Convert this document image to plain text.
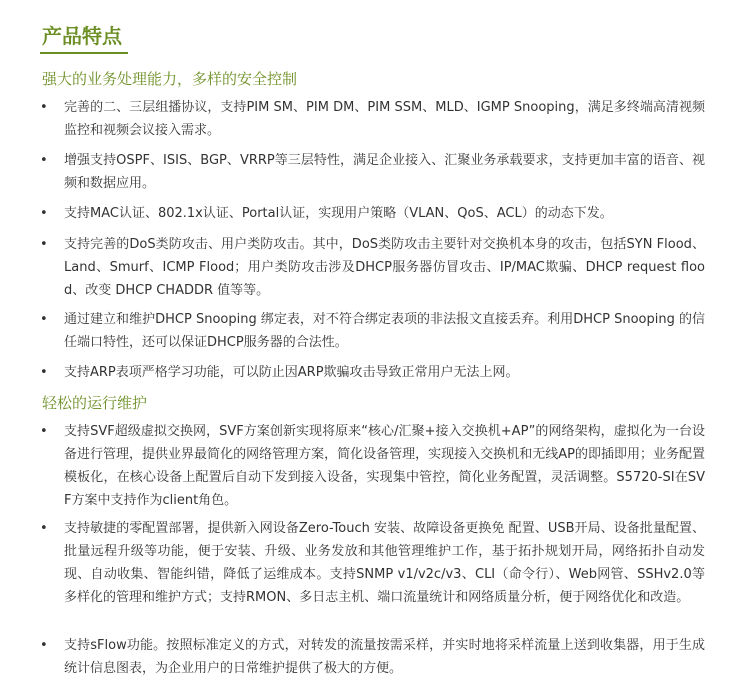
产品特点
强大的业务处理能力，多样的安全控制
• 完善的二、三层组播协议，支持PIM SM、PIM DM、PIM SSM、MLD、IGMP Snooping，满足多终端高清视频监控和视频会议接入需求。
• 增强支持OSPF、ISIS、BGP、VRRP等三层特性，满足企业接入、汇聚业务承载要求，支持更加丰富的语音、视频和数据应用。
• 支持MAC认证、802.1x认证、Portal认证，实现用户策略（VLAN、QoS、ACL）的动态下发。
• 支持完善的DoS类防攻击、用户类防攻击。其中，DoS类防攻击主要针对交换机本身的攻击，包括SYN Flood、Land、Smurf、ICMP Flood；用户类防攻击涉及DHCP服务器仿冒攻击、IP/MAC欺骗、DHCP request flood、改变 DHCP CHADDR 值等等。
• 通过建立和维护DHCP Snooping 绑定表，对不符合绑定表项的非法报文直接丢弃。利用DHCP Snooping 的信任端口特性，还可以保证DHCP服务器的合法性。
• 支持ARP表项严格学习功能，可以防止因ARP欺骗攻击导致正常用户无法上网。
轻松的运行维护
• 支持SVF超级虚拟交换网，SVF方案创新实现将原来“核心/汇聚+接入交换机+AP”的网络架构，虚拟化为一台设备进行管理，提供业界最简化的网络管理方案，简化设备管理，实现接入交换机和无线AP的即插即用；业务配置模板化，在核心设备上配置后自动下发到接入设备，实现集中管控，简化业务配置，灵活调整。S5720-SI在SVF方案中支持作为client角色。
• 支持敏捷的零配置部署，提供新入网设备Zero-Touch 安装、故障设备更换免 配置、USB开局、设备批量配置、批量远程升级等功能，便于安装、升级、业务发放和其他管理维护工作，基于拓扑规划开局，网络拓扑自动发现、自动收集、智能纠错，降低了运维成本。支持SNMP v1/v2c/v3、CLI（命令行）、Web网管、SSHv2.0等多样化的管理和维护方式；支持RMON、多日志主机、端口流量统计和网络质量分析，便于网络优化和改造。
• 支持sFlow功能。按照标准定义的方式，对转发的流量按需采样，并实时地将采样流量上送到收集器，用于生成统计信息图表，为企业用户的日常维护提供了极大的方便。
